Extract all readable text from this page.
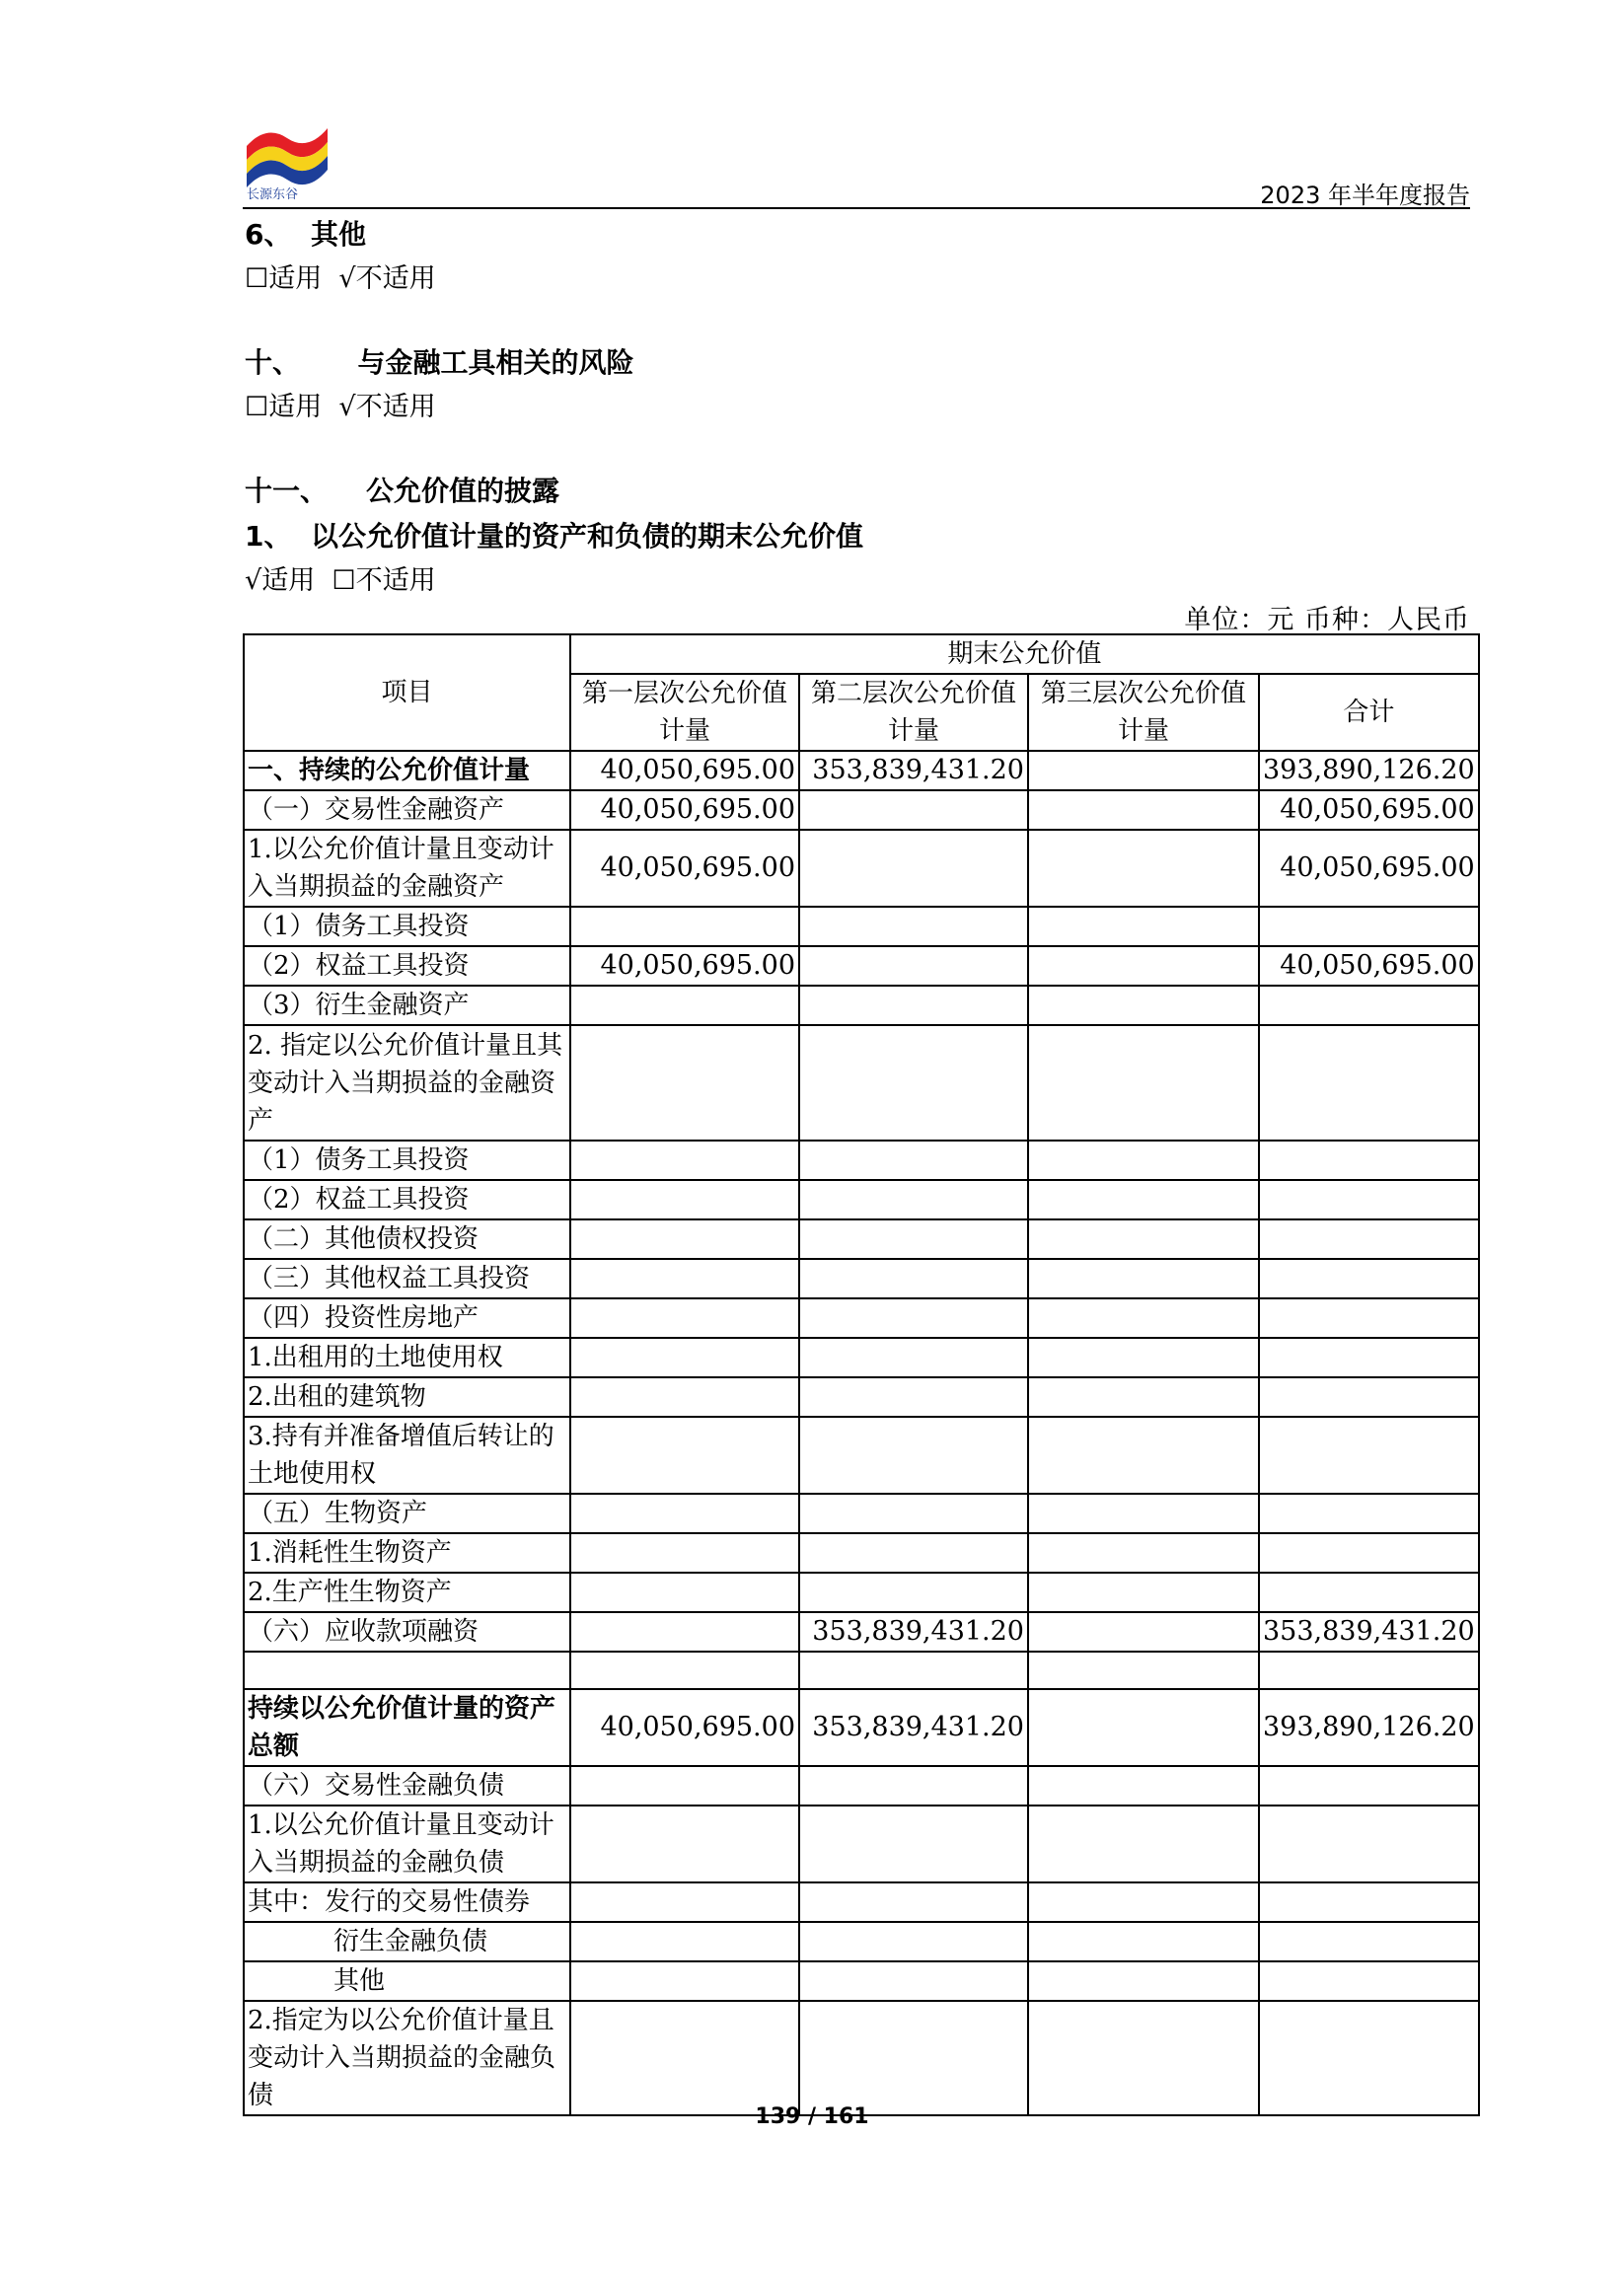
长源东谷	2023 年半年度报告
6、  其他
☐适用  √不适用
十、      与金融工具相关的风险
☐适用  √不适用
十一、    公允价值的披露
1、  以公允价值计量的资产和负债的期末公允价值
√适用  ☐不适用
单位：元 币种：人民币
项目	期末公允价值			
	第一层次公允价值计量	第二层次公允价值计量	第三层次公允价值计量	合计
一、持续的公允价值计量	40,050,695.00	353,839,431.20		393,890,126.20
（一）交易性金融资产	40,050,695.00			40,050,695.00
1.以公允价值计量且变动计入当期损益的金融资产	40,050,695.00			40,050,695.00
（1）债务工具投资				
（2）权益工具投资	40,050,695.00			40,050,695.00
（3）衍生金融资产				
2. 指定以公允价值计量且其变动计入当期损益的金融资产				
（1）债务工具投资				
（2）权益工具投资				
（二）其他债权投资				
（三）其他权益工具投资				
（四）投资性房地产				
1.出租用的土地使用权				
2.出租的建筑物				
3.持有并准备增值后转让的土地使用权				
（五）生物资产				
1.消耗性生物资产				
2.生产性生物资产				
（六）应收款项融资		353,839,431.20		353,839,431.20

持续以公允价值计量的资产总额	40,050,695.00	353,839,431.20		393,890,126.20
（六）交易性金融负债				
1.以公允价值计量且变动计入当期损益的金融负债				
其中：发行的交易性债券				
衍生金融负债				
其他				
2.指定为以公允价值计量且变动计入当期损益的金融负债				
139 / 161
